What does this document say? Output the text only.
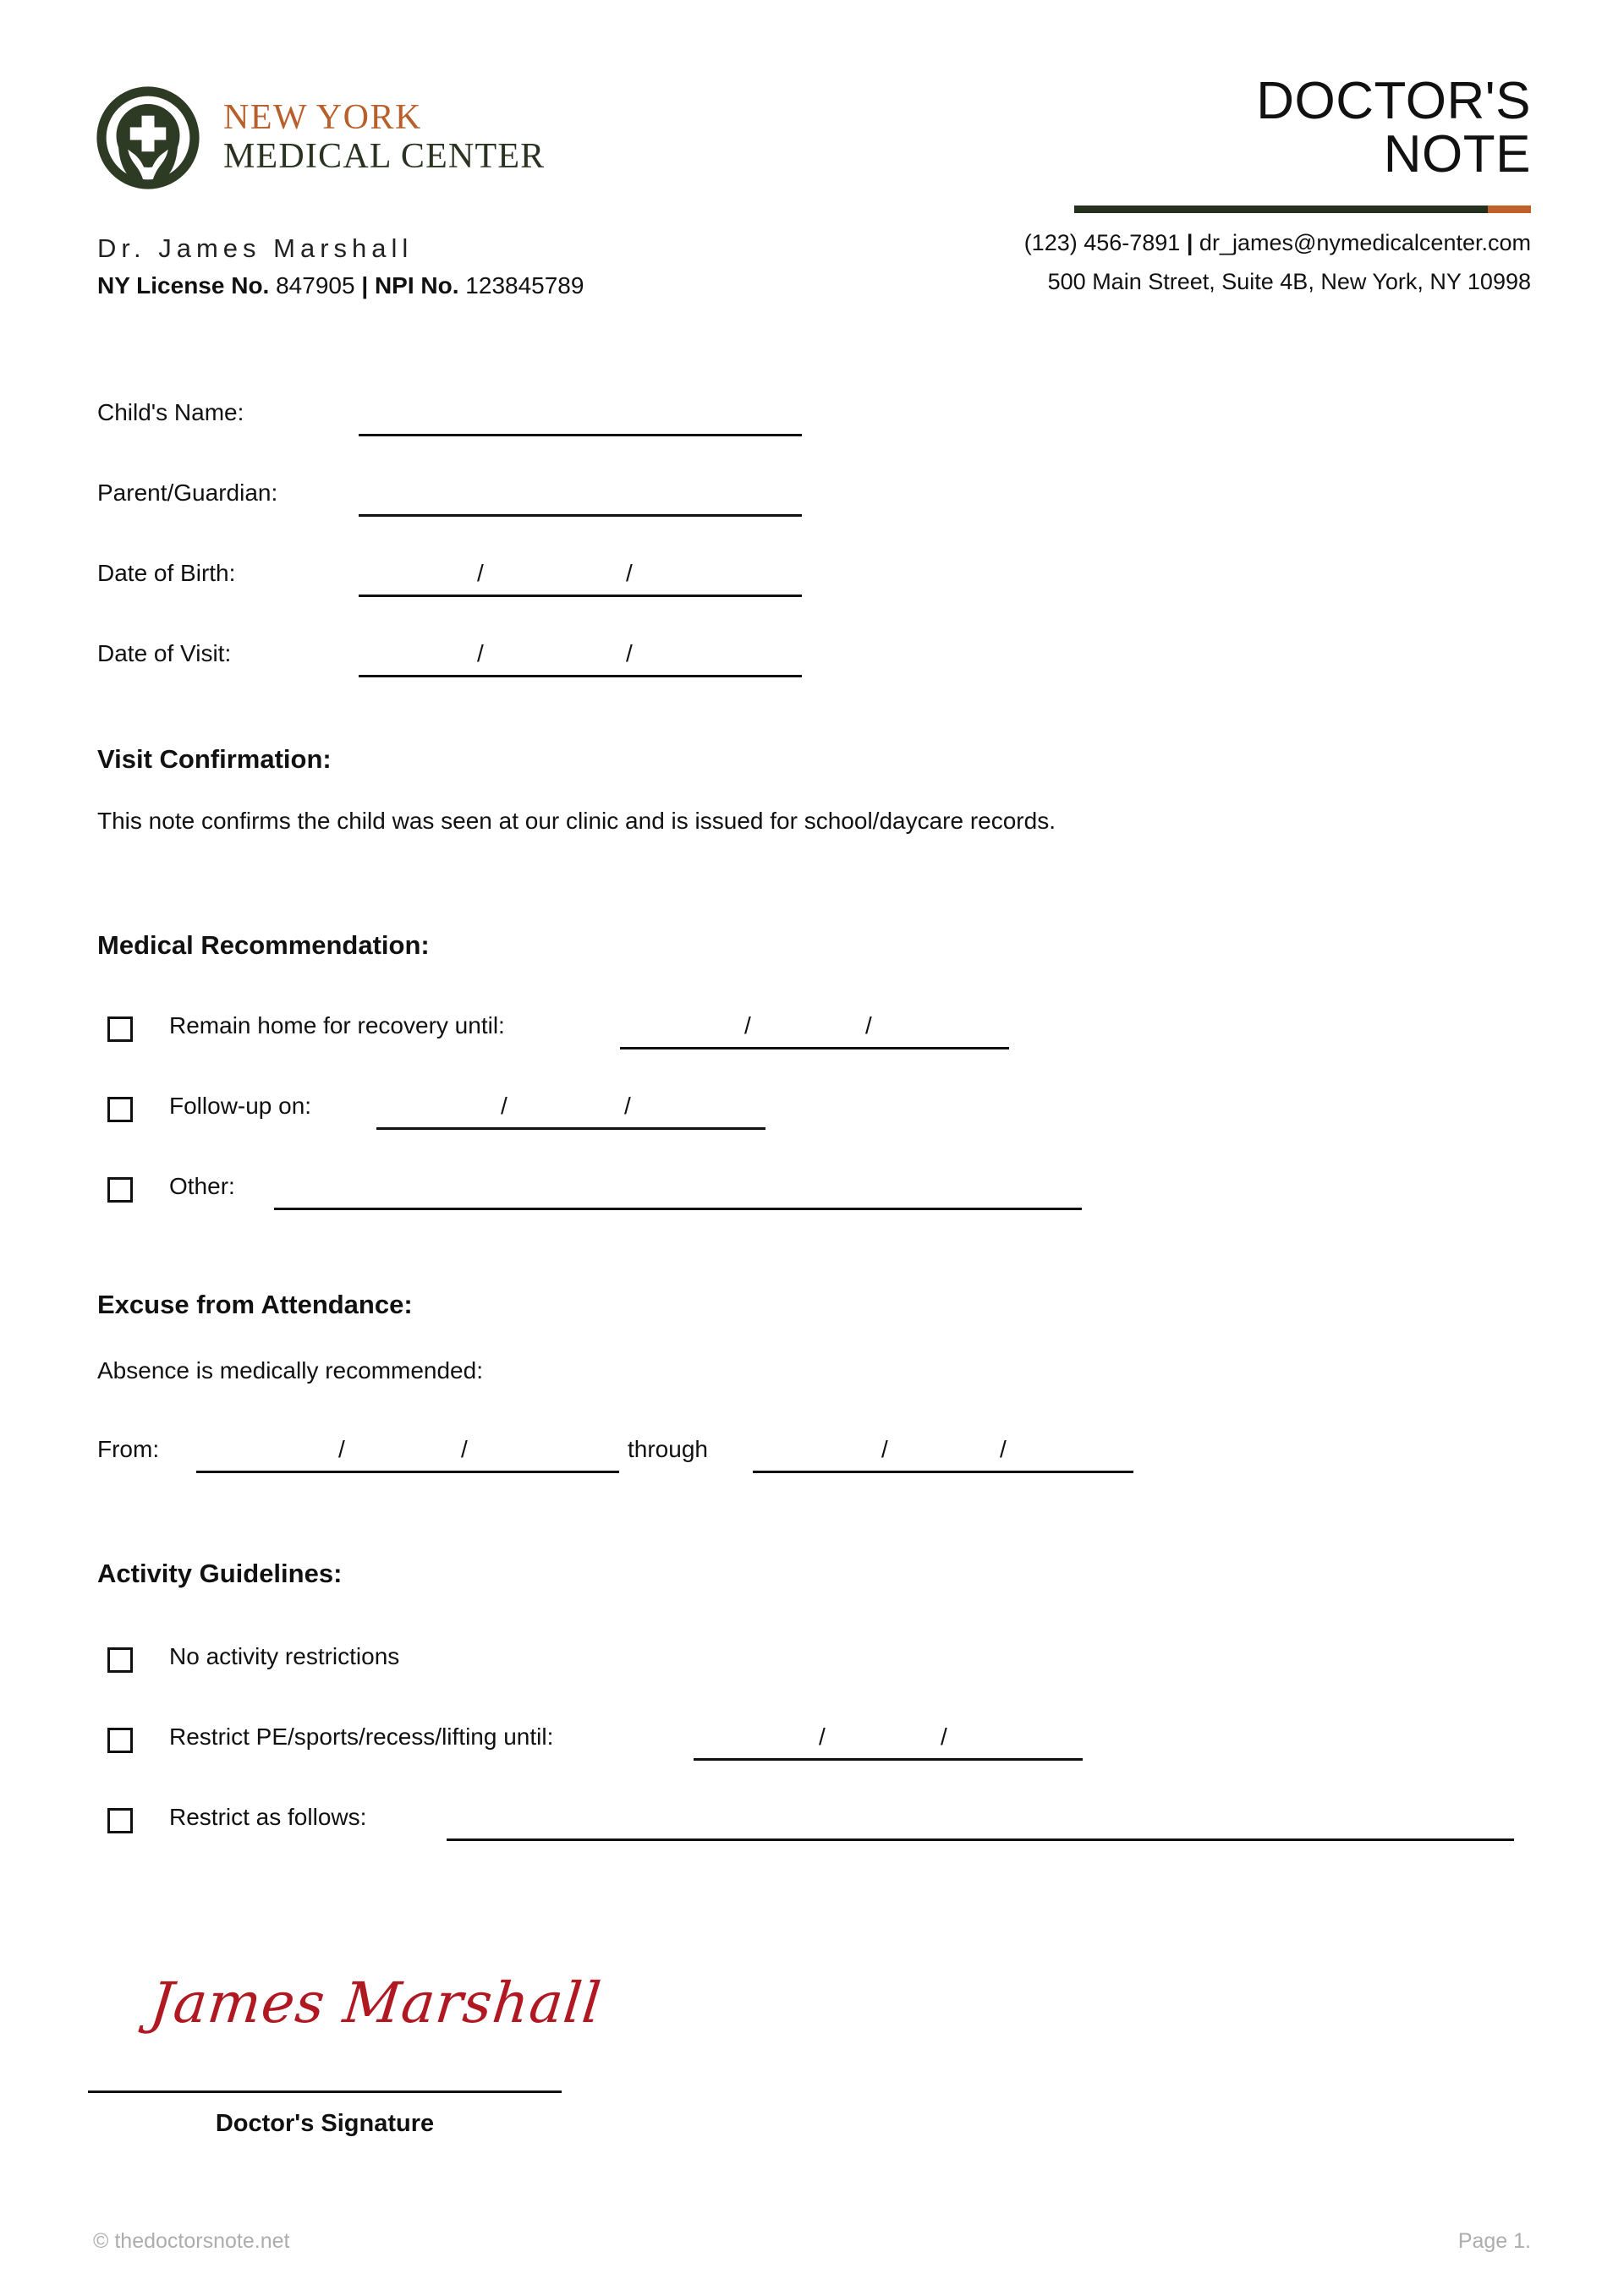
NEW YORK
MEDICAL CENTER
DOCTOR'S
NOTE
Dr. James Marshall
NY License No. 847905 | NPI No. 123845789
(123) 456-7891 | dr_james@nymedicalcenter.com
500 Main Street, Suite 4B, New York, NY 10998
Child's Name:
Parent/Guardian:
Date of Birth:	/	/
Date of Visit:	/	/
Visit Confirmation:
This note confirms the child was seen at our clinic and is issued for school/daycare records.
Medical Recommendation:
Remain home for recovery until:	/	/
Follow-up on:	/	/
Other:
Excuse from Attendance:
Absence is medically recommended:
From:	/	/	through	/	/
Activity Guidelines:
No activity restrictions
Restrict PE/sports/recess/lifting until:	/	/
Restrict as follows:
James Marshall
Doctor's Signature
© thedoctorsnote.net	Page 1.
